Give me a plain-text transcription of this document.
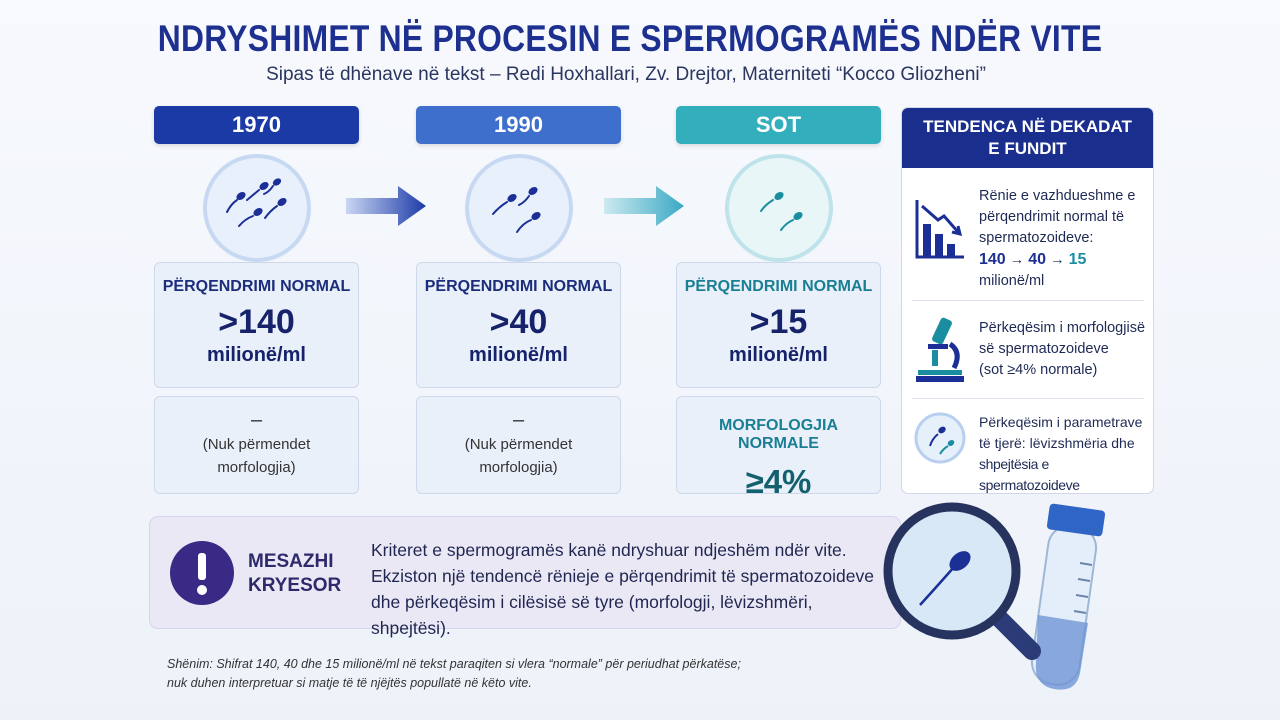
NDRYSHIMET NË PROCESIN E SPERMOGRAMËS NDËR VITE
Sipas të dhënave në tekst – Redi Hoxhallari, Zv. Drejtor, Materniteti “Kocco Gliozheni”
1970
PËRQENDRIMI NORMAL
>140
milionë/ml
–
(Nuk përmendet
morfologjia)
1990
PËRQENDRIMI NORMAL
>40
milionë/ml
–
(Nuk përmendet
morfologjia)
SOT
PËRQENDRIMI NORMAL
>15
milionë/ml
MORFOLOGJIA NORMALE
≥4%
TENDENCA NË DEKADAT
E FUNDIT
Rënie e vazhdueshme e
përqendrimit normal të
spermatozoideve:
140 → 40 → 15
milionë/ml
Përkeqësim i morfologjisë
së spermatozoideve
(sot ≥4% normale)
Përkeqësim i parametrave
të tjerë: lëvizshmëria dhe
shpejtësia e spermatozoideve
MESAZHI
KRYESOR
Kriteret e spermogramës kanë ndryshuar ndjeshëm ndër vite.
Ekziston një tendencë rënieje e përqendrimit të spermatozoideve
dhe përkeqësim i cilësisë së tyre (morfologji, lëvizshmëri, shpejtësi).
Shënim: Shifrat 140, 40 dhe 15 milionë/ml në tekst paraqiten si vlera “normale” për periudhat përkatëse;
nuk duhen interpretuar si matje të të njëjtës popullatë në këto vite.
